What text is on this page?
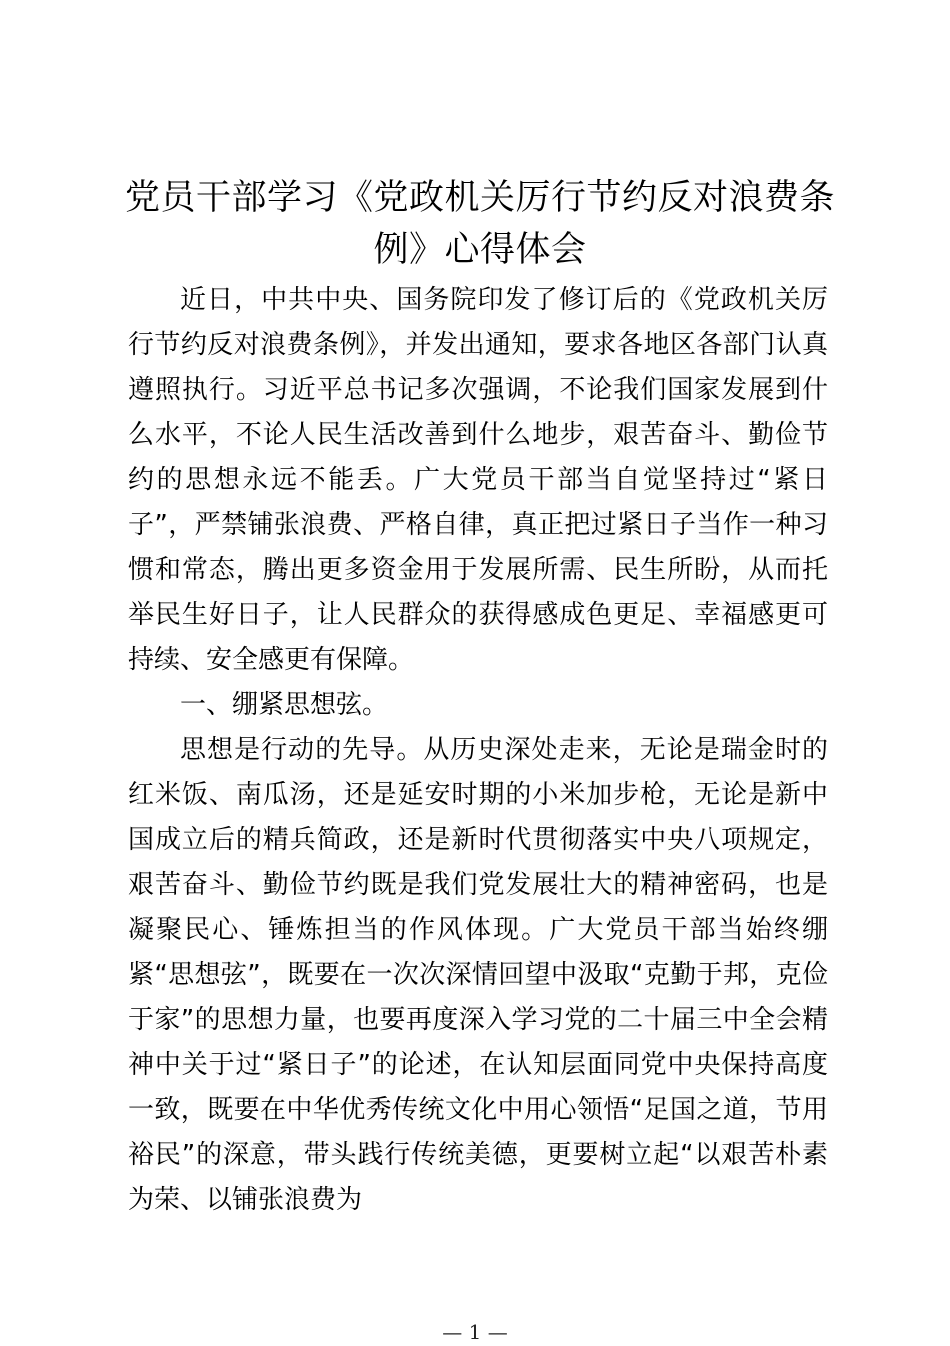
党员干部学习《党政机关厉行节约反对浪费条例》心得体会

近日，中共中央、国务院印发了修订后的《党政机关厉行节约反对浪费条例》，并发出通知，要求各地区各部门认真遵照执行。习近平总书记多次强调，不论我们国家发展到什么水平，不论人民生活改善到什么地步，艰苦奋斗、勤俭节约的思想永远不能丢。广大党员干部当自觉坚持过“紧日子”，严禁铺张浪费、严格自律，真正把过紧日子当作一种习惯和常态，腾出更多资金用于发展所需、民生所盼，从而托举民生好日子，让人民群众的获得感成色更足、幸福感更可持续、安全感更有保障。

一、绷紧思想弦。

思想是行动的先导。从历史深处走来，无论是瑞金时的红米饭、南瓜汤，还是延安时期的小米加步枪，无论是新中国成立后的精兵简政，还是新时代贯彻落实中央八项规定，艰苦奋斗、勤俭节约既是我们党发展壮大的精神密码，也是凝聚民心、锤炼担当的作风体现。广大党员干部当始终绷紧“思想弦”，既要在一次次深情回望中汲取“克勤于邦，克俭于家”的思想力量，也要再度深入学习党的二十届三中全会精神中关于过“紧日子”的论述，在认知层面同党中央保持高度一致，既要在中华优秀传统文化中用心领悟“足国之道，节用裕民”的深意，带头践行传统美德，更要树立起“以艰苦朴素为荣、以铺张浪费为

— 1 —
